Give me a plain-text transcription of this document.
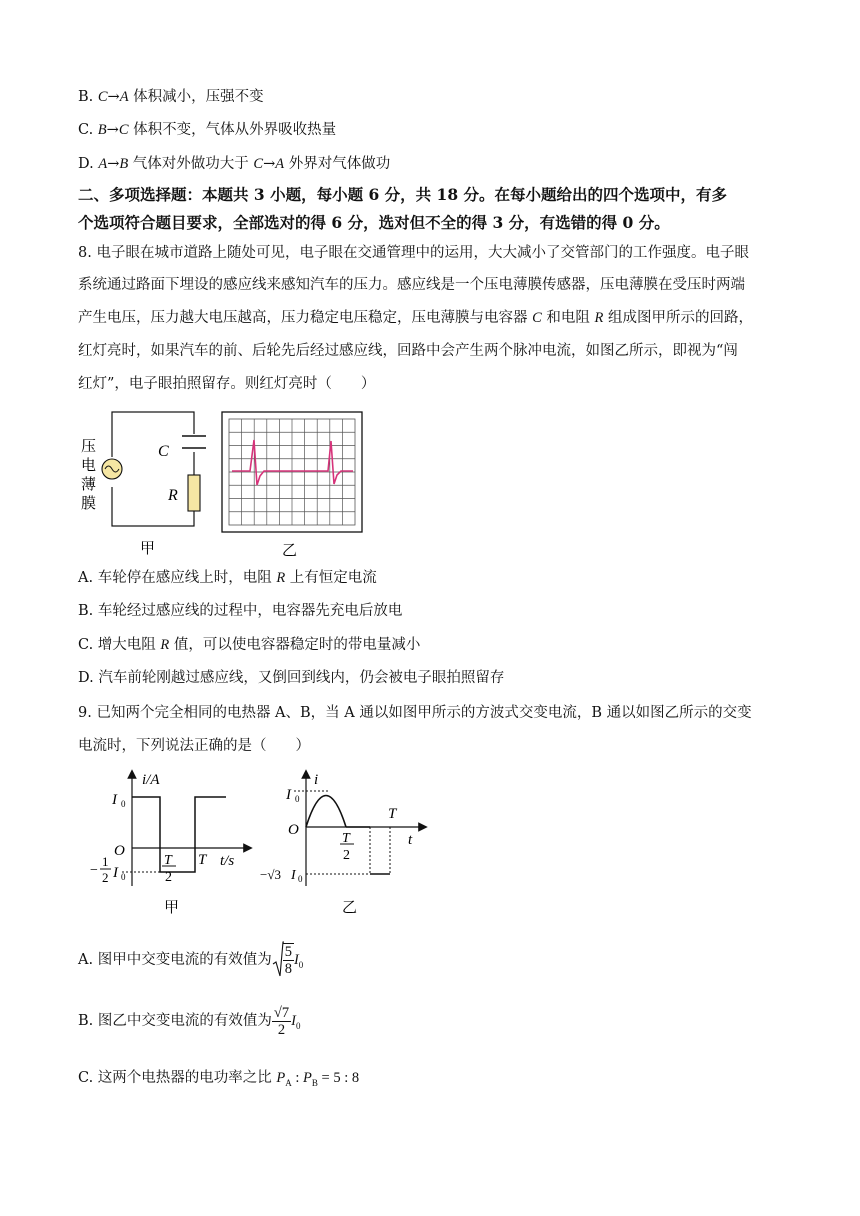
B. C→A 体积减小，压强不变
C. B→C 体积不变，气体从外界吸收热量
D. A→B 气体对外做功大于 C→A 外界对气体做功
二、多项选择题：本题共 3 小题，每小题 6 分，共 18 分。在每小题给出的四个选项中，有多
个选项符合题目要求，全部选对的得 6 分，选对但不全的得 3 分，有选错的得 0 分。
8. 电子眼在城市道路上随处可见，电子眼在交通管理中的运用，大大减小了交管部门的工作强度。电子眼
系统通过路面下埋设的感应线来感知汽车的压力。感应线是一个压电薄膜传感器，压电薄膜在受压时两端
产生电压，压力越大电压越高，压力稳定电压稳定，压电薄膜与电容器 C 和电阻 R 组成图甲所示的回路，
红灯亮时，如果汽车的前、后轮先后经过感应线，回路中会产生两个脉冲电流，如图乙所示，即视为“闯
红灯”，电子眼拍照留存。则红灯亮时（　　）
C
R
压
电
薄
膜
甲	乙
A. 车轮停在感应线上时，电阻 R 上有恒定电流
B. 车轮经过感应线的过程中，电容器先充电后放电
C. 增大电阻 R 值，可以使电容器稳定时的带电量减小
D. 汽车前轮刚越过感应线，又倒回到线内，仍会被电子眼拍照留存
9. 已知两个完全相同的电热器 A、B，当 A 通以如图甲所示的方波式交变电流，B 通以如图乙所示的交变
电流时，下列说法正确的是（　　）
i/A
I 0
O
−
1
2 I 0
T
2
T t/s
甲
i
I 0
O
T
2
T
t
−√3 I 0
乙
A. 图甲中交变电流的有效值为 $\frac{5}{8} I_0$
B. 图乙中交变电流的有效值为 $\frac{√7}{2} I_0$
C. 这两个电热器的电功率之比 $P_A$ : $P_B = 5$ : 8
